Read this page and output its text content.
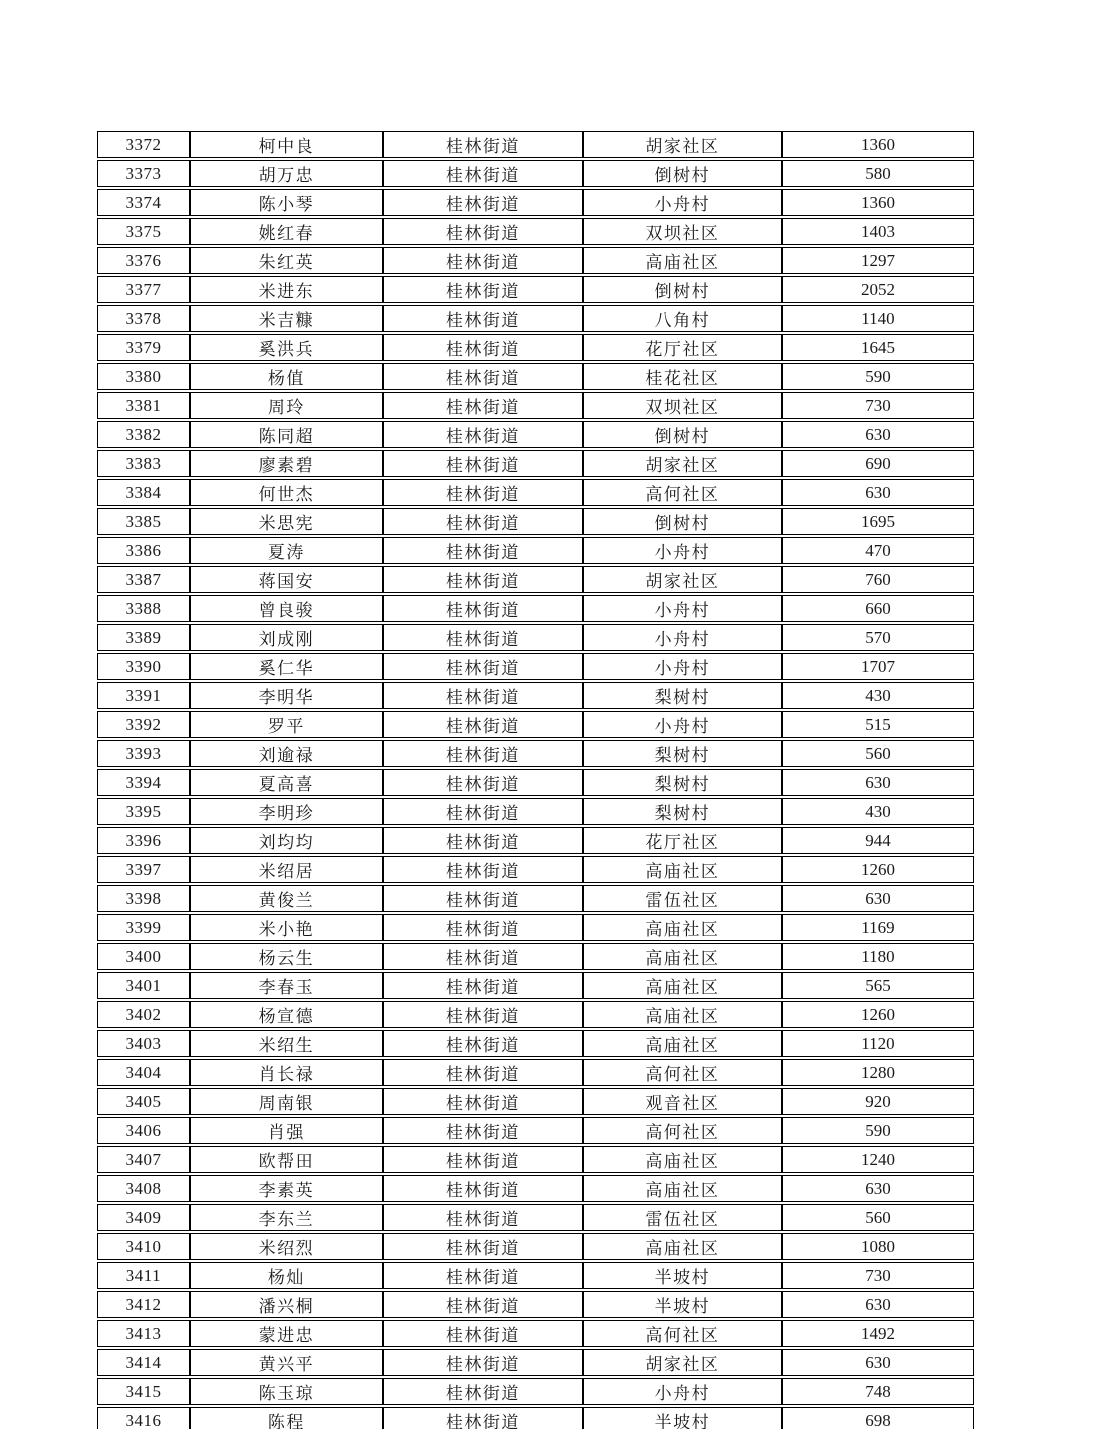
3372	柯中良	桂林街道	胡家社区	1360
3373	胡万忠	桂林街道	倒树村	580
3374	陈小琴	桂林街道	小舟村	1360
3375	姚红春	桂林街道	双坝社区	1403
3376	朱红英	桂林街道	高庙社区	1297
3377	米进东	桂林街道	倒树村	2052
3378	米吉糠	桂林街道	八角村	1140
3379	奚洪兵	桂林街道	花厅社区	1645
3380	杨值	桂林街道	桂花社区	590
3381	周玲	桂林街道	双坝社区	730
3382	陈同超	桂林街道	倒树村	630
3383	廖素碧	桂林街道	胡家社区	690
3384	何世杰	桂林街道	高何社区	630
3385	米思宪	桂林街道	倒树村	1695
3386	夏涛	桂林街道	小舟村	470
3387	蒋国安	桂林街道	胡家社区	760
3388	曾良骏	桂林街道	小舟村	660
3389	刘成刚	桂林街道	小舟村	570
3390	奚仁华	桂林街道	小舟村	1707
3391	李明华	桂林街道	梨树村	430
3392	罗平	桂林街道	小舟村	515
3393	刘逾禄	桂林街道	梨树村	560
3394	夏高喜	桂林街道	梨树村	630
3395	李明珍	桂林街道	梨树村	430
3396	刘均均	桂林街道	花厅社区	944
3397	米绍居	桂林街道	高庙社区	1260
3398	黄俊兰	桂林街道	雷伍社区	630
3399	米小艳	桂林街道	高庙社区	1169
3400	杨云生	桂林街道	高庙社区	1180
3401	李春玉	桂林街道	高庙社区	565
3402	杨宣德	桂林街道	高庙社区	1260
3403	米绍生	桂林街道	高庙社区	1120
3404	肖长禄	桂林街道	高何社区	1280
3405	周南银	桂林街道	观音社区	920
3406	肖强	桂林街道	高何社区	590
3407	欧帮田	桂林街道	高庙社区	1240
3408	李素英	桂林街道	高庙社区	630
3409	李东兰	桂林街道	雷伍社区	560
3410	米绍烈	桂林街道	高庙社区	1080
3411	杨灿	桂林街道	半坡村	730
3412	潘兴桐	桂林街道	半坡村	630
3413	蒙进忠	桂林街道	高何社区	1492
3414	黄兴平	桂林街道	胡家社区	630
3415	陈玉琼	桂林街道	小舟村	748
3416	陈程	桂林街道	半坡村	698
